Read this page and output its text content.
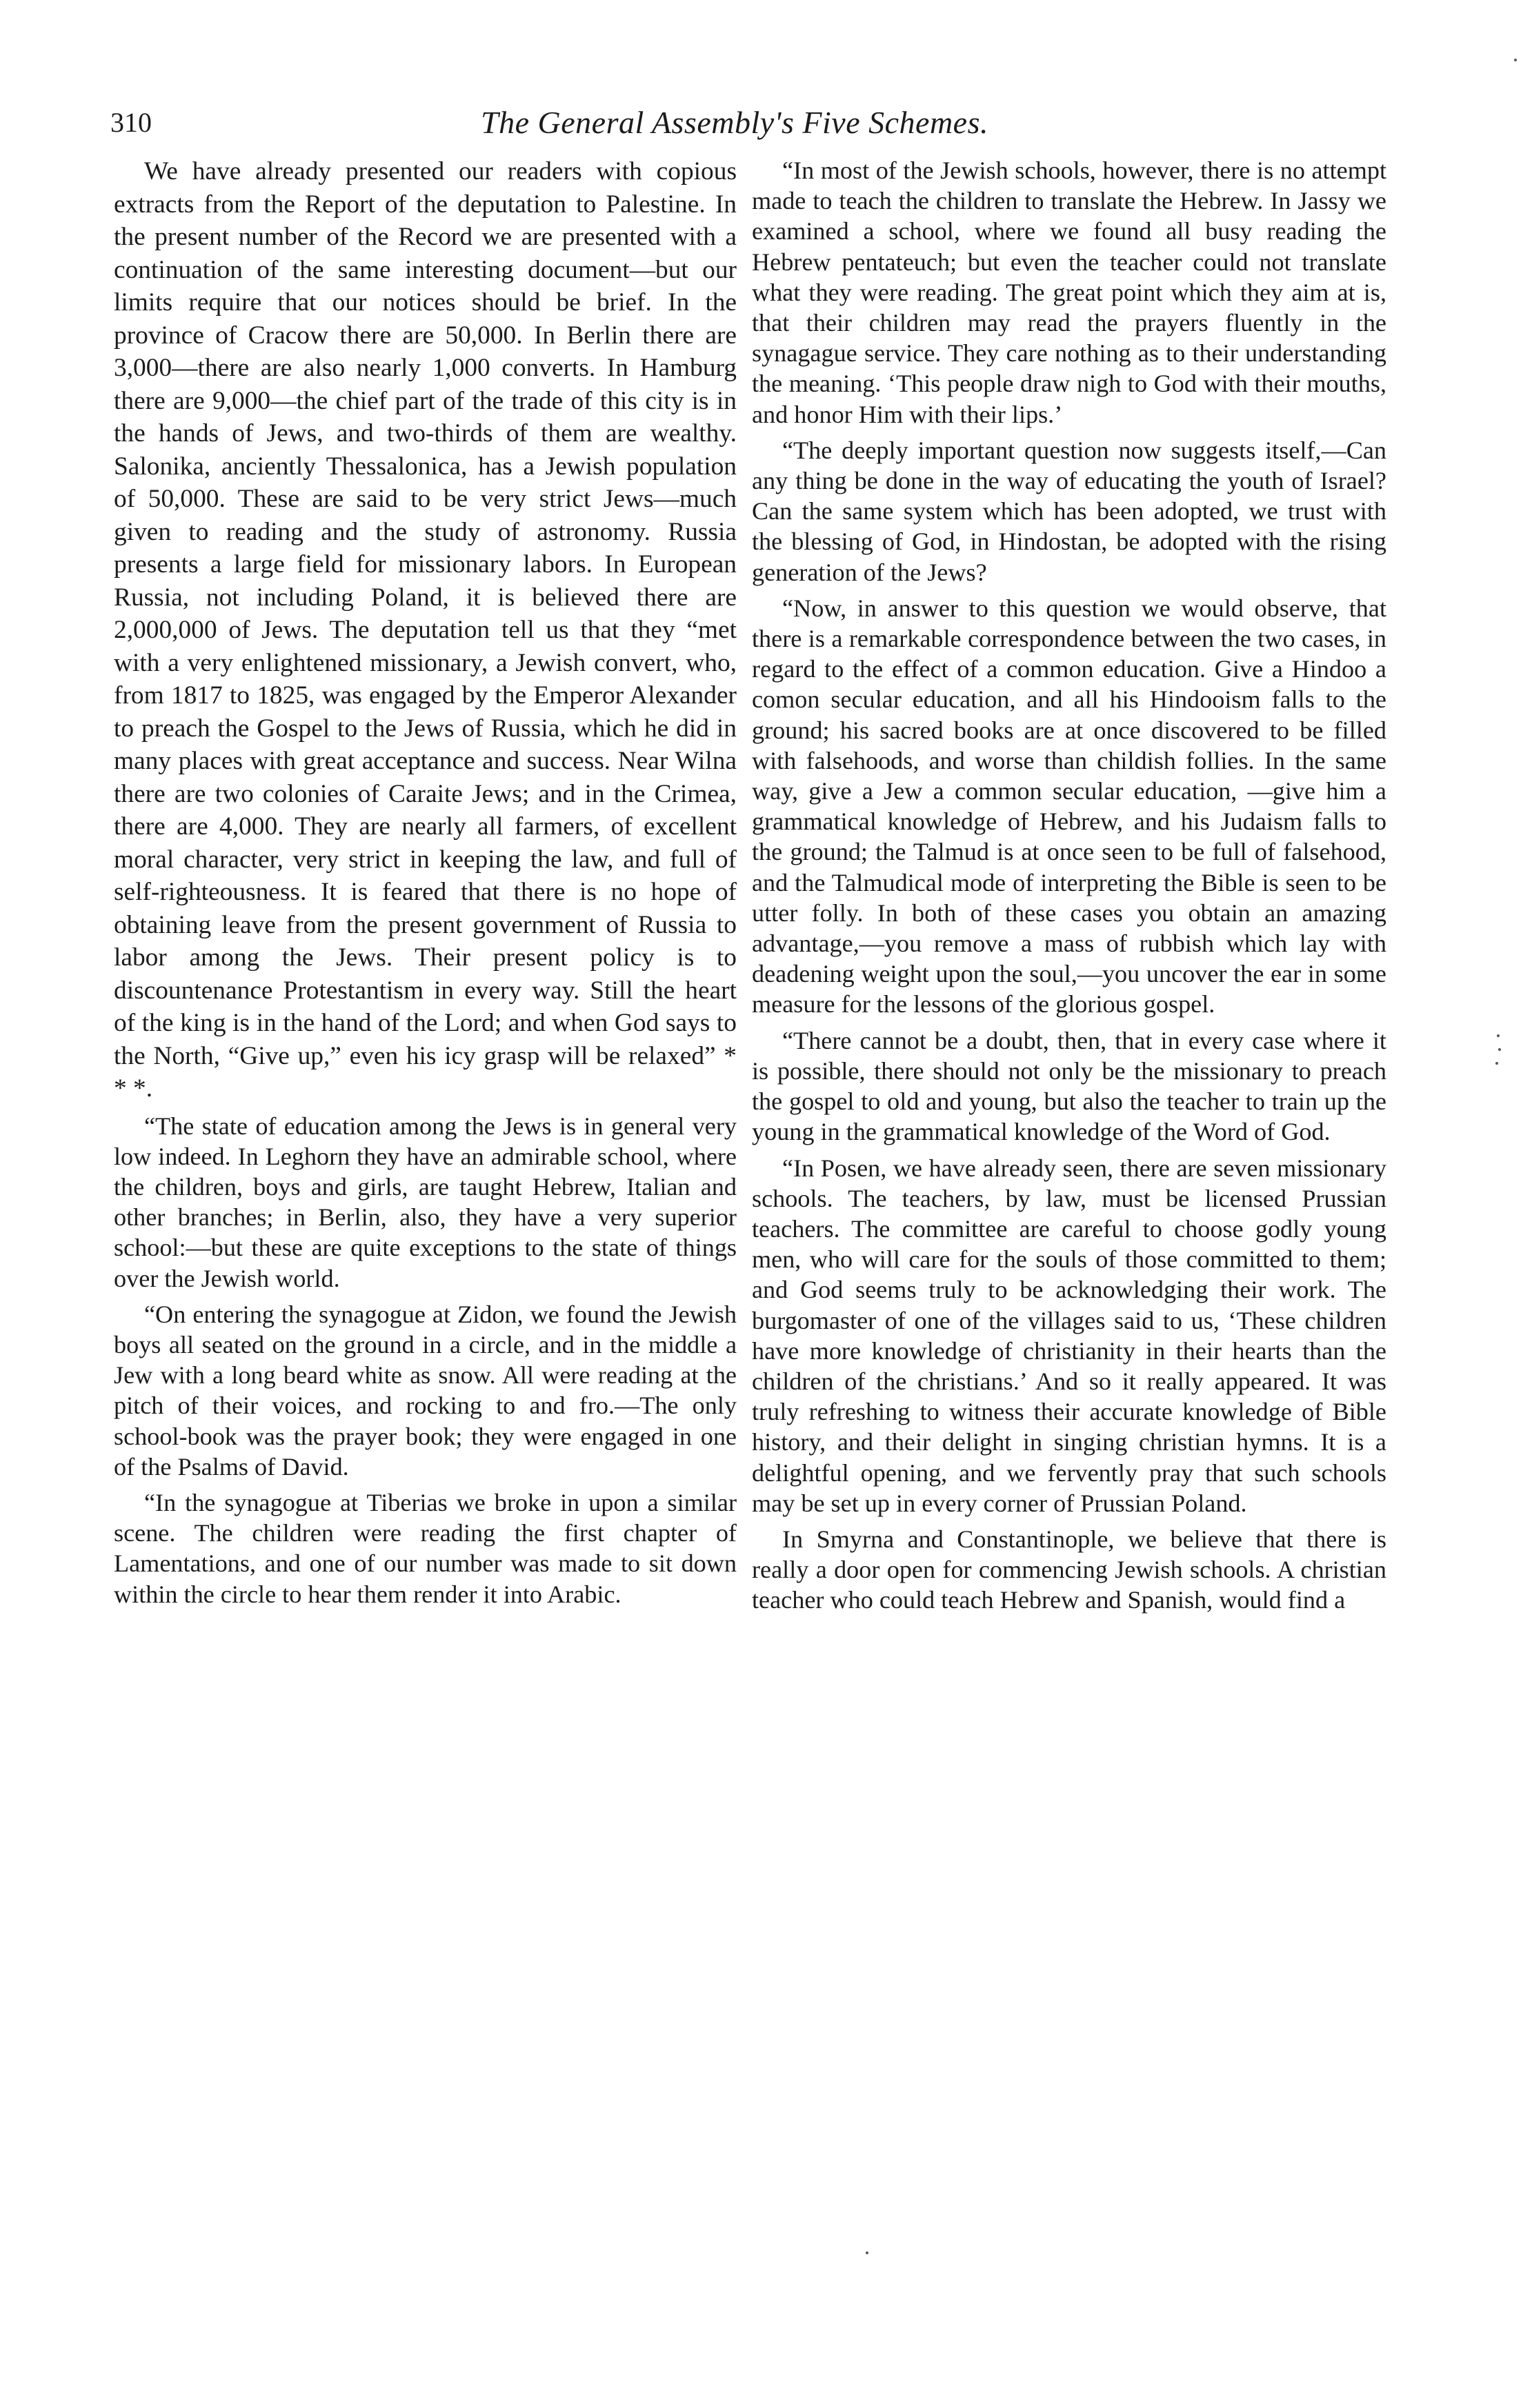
310	The General Assembly's Five Schemes.

We have already presented our readers with copious extracts from the Report of the deputation to Palestine. In the present number of the Record we are presented with a continuation of the same interesting document—but our limits require that our notices should be brief. In the province of Cracow there are 50,000. In Berlin there are 3,000—there are also nearly 1,000 converts. In Hamburg there are 9,000—the chief part of the trade of this city is in the hands of Jews, and two-thirds of them are wealthy. Salonika, anciently Thessalonica, has a Jewish population of 50,000. These are said to be very strict Jews—much given to reading and the study of astronomy. Russia presents a large field for missionary labors. In European Russia, not including Poland, it is believed there are 2,000,000 of Jews. The deputation tell us that they “met with a very enlightened missionary, a Jewish convert, who, from 1817 to 1825, was engaged by the Emperor Alexander to preach the Gospel to the Jews of Russia, which he did in many places with great acceptance and success. Near Wilna there are two colonies of Caraite Jews; and in the Crimea, there are 4,000. They are nearly all farmers, of excellent moral character, very strict in keeping the law, and full of self-righteousness. It is feared that there is no hope of obtaining leave from the present government of Russia to labor among the Jews. Their present policy is to discountenance Protestantism in every way. Still the heart of the king is in the hand of the Lord; and when God says to the North, “Give up,” even his icy grasp will be relaxed” * * *.

“The state of education among the Jews is in general very low indeed. In Leghorn they have an admirable school, where the children, boys and girls, are taught Hebrew, Italian and other branches; in Berlin, also, they have a very superior school:—but these are quite exceptions to the state of things over the Jewish world.

“On entering the synagogue at Zidon, we found the Jewish boys all seated on the ground in a circle, and in the middle a Jew with a long beard white as snow. All were reading at the pitch of their voices, and rocking to and fro.—The only school-book was the prayer book; they were engaged in one of the Psalms of David.

“In the synagogue at Tiberias we broke in upon a similar scene. The children were reading the first chapter of Lamentations, and one of our number was made to sit down within the circle to hear them render it into Arabic.

“In most of the Jewish schools, however, there is no attempt made to teach the children to translate the Hebrew. In Jassy we examined a school, where we found all busy reading the Hebrew pentateuch; but even the teacher could not translate what they were reading. The great point which they aim at is, that their children may read the prayers fluently in the synagague service. They care nothing as to their understanding the meaning. ‘This people draw nigh to God with their mouths, and honor Him with their lips.’

“The deeply important question now suggests itself,—Can any thing be done in the way of educating the youth of Israel? Can the same system which has been adopted, we trust with the blessing of God, in Hindostan, be adopted with the rising generation of the Jews?

“Now, in answer to this question we would observe, that there is a remarkable correspondence between the two cases, in regard to the effect of a common education. Give a Hindoo a comon secular education, and all his Hindooism falls to the ground; his sacred books are at once discovered to be filled with falsehoods, and worse than childish follies. In the same way, give a Jew a common secular education, —give him a grammatical knowledge of Hebrew, and his Judaism falls to the ground; the Talmud is at once seen to be full of falsehood, and the Talmudical mode of interpreting the Bible is seen to be utter folly. In both of these cases you obtain an amazing advantage,—you remove a mass of rubbish which lay with deadening weight upon the soul,—you uncover the ear in some measure for the lessons of the glorious gospel.

“There cannot be a doubt, then, that in every case where it is possible, there should not only be the missionary to preach the gospel to old and young, but also the teacher to train up the young in the grammatical knowledge of the Word of God.

“In Posen, we have already seen, there are seven missionary schools. The teachers, by law, must be licensed Prussian teachers. The committee are careful to choose godly young men, who will care for the souls of those committed to them; and God seems truly to be acknowledging their work. The burgomaster of one of the villages said to us, ‘These children have more knowledge of christianity in their hearts than the children of the christians.’ And so it really appeared. It was truly refreshing to witness their accurate knowledge of Bible history, and their delight in singing christian hymns. It is a delightful opening, and we fervently pray that such schools may be set up in every corner of Prussian Poland.

In Smyrna and Constantinople, we believe that there is really a door open for commencing Jewish schools. A christian teacher who could teach Hebrew and Spanish, would find a
